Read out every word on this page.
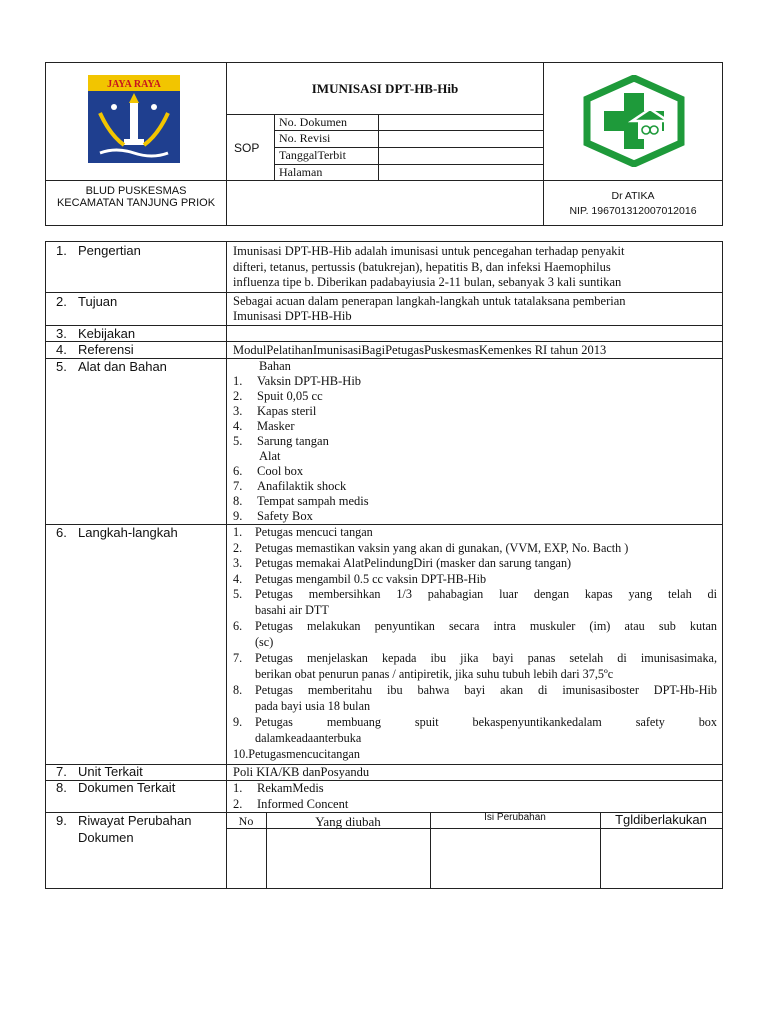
JAYA RAYA	IMUNISASI DPT-HB-Hib
SOP
No. Dokumen
No. Revisi
TanggalTerbit
Halaman
BLUD PUSKESMAS KECAMATAN TANJUNG PRIOK
Dr ATIKA
NIP. 196701312007012016
1. Pengertian	Imunisasi DPT-HB-Hib adalah imunisasi untuk pencegahan terhadap penyakit
difteri, tetanus, pertussis (batukrejan), hepatitis B, dan infeksi Haemophilus
influenza tipe b. Diberikan padabayiusia 2-11 bulan, sebanyak 3 kali suntikan
2. Tujuan	Sebagai acuan dalam penerapan langkah-langkah untuk tatalaksana pemberian
Imunisasi DPT-HB-Hib
3. Kebijakan
4. Referensi	ModulPelatihanImunisasiBagiPetugasPuskesmasKemenkes RI tahun 2013
5. Alat dan Bahan	Bahan
1. Vaksin DPT-HB-Hib
2. Spuit 0,05 cc
3. Kapas steril
4. Masker
5. Sarung tangan
Alat
6. Cool box
7. Anafilaktik shock
8. Tempat sampah medis
9. Safety Box
6. Langkah-langkah	1. Petugas mencuci tangan
2. Petugas memastikan vaksin yang akan di gunakan, (VVM, EXP, No. Bacth )
3. Petugas memakai AlatPelindungDiri (masker dan sarung tangan)
4. Petugas mengambil 0.5 cc vaksin DPT-HB-Hib
5. Petugas membersihkan 1/3 pahabagian luar dengan kapas yang telah di
basahi air DTT
6. Petugas melakukan penyuntikan secara intra muskuler (im) atau sub kutan
(sc)
7. Petugas menjelaskan kepada ibu jika bayi panas setelah di imunisasimaka,
berikan obat penurun panas / antipiretik, jika suhu tubuh lebih dari 37,5ºc
8. Petugas memberitahu ibu bahwa bayi akan di imunisasiboster DPT-Hb-Hib
pada bayi usia 18 bulan
9. Petugas membuang spuit bekaspenyuntikankedalam safety box
dalamkeadaanterbuka
10.Petugasmencucitangan
7. Unit Terkait	Poli KIA/KB danPosyandu
8. Dokumen Terkait	1. RekamMedis
2. Informed Concent
9. Riwayat Perubahan
Dokumen
No	Yang diubah	Isi Perubahan	Tgldiberlakukan
